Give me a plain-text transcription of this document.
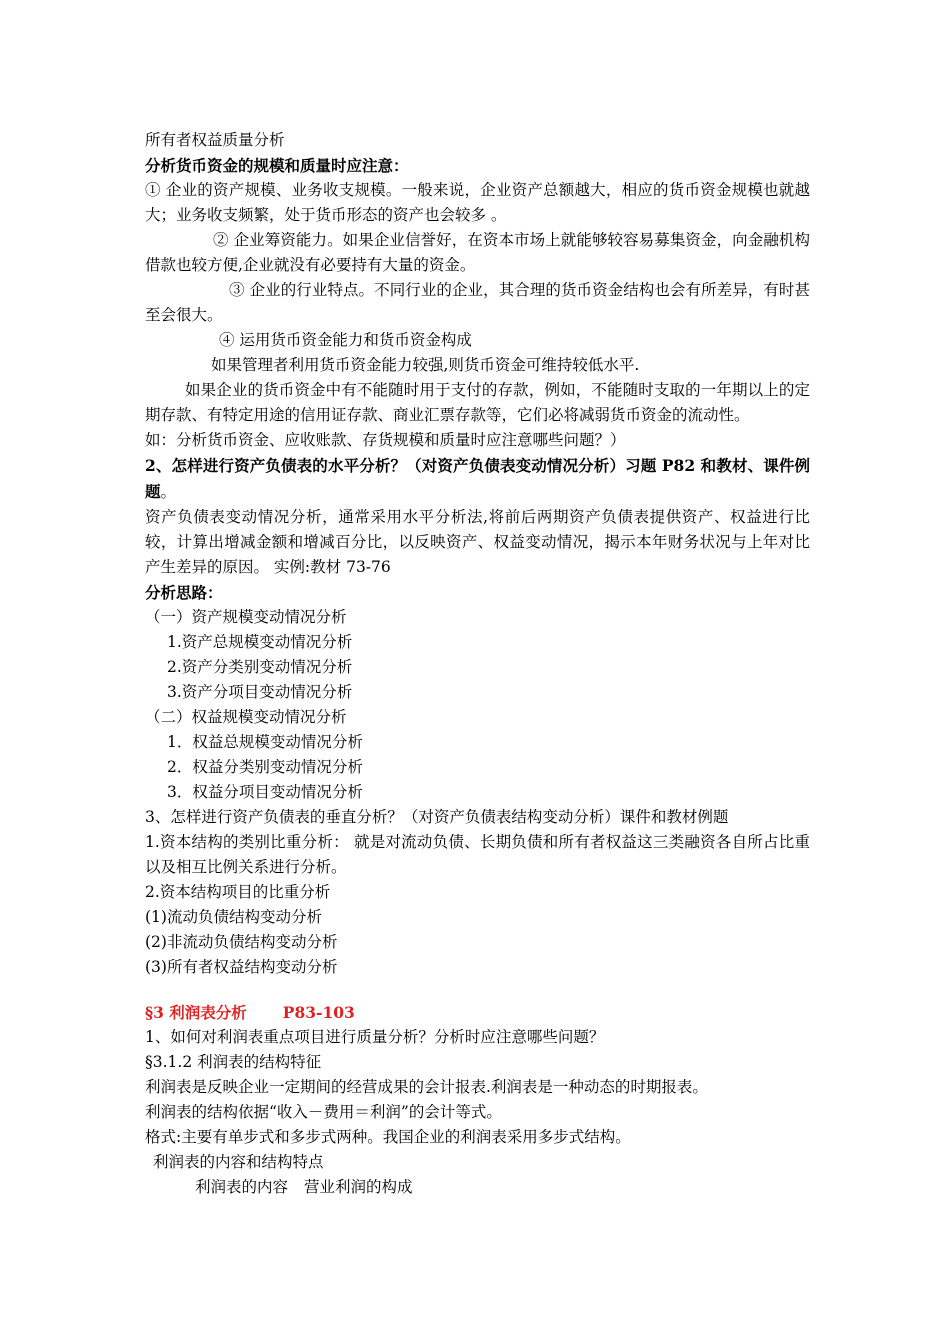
所有者权益质量分析
分析货币资金的规模和质量时应注意：
① 企业的资产规模、业务收支规模。一般来说，企业资产总额越大，相应的货币资金规模也就越大；业务收支频繁，处于货币形态的资产也会较多 。
② 企业筹资能力。如果企业信誉好，在资本市场上就能够较容易募集资金，向金融机构借款也较方便,企业就没有必要持有大量的资金。
③ 企业的行业特点。不同行业的企业，其合理的货币资金结构也会有所差异，有时甚至会很大。
④ 运用货币资金能力和货币资金构成
如果管理者利用货币资金能力较强,则货币资金可维持较低水平.
如果企业的货币资金中有不能随时用于支付的存款，例如，不能随时支取的一年期以上的定期存款、有特定用途的信用证存款、商业汇票存款等，它们必将减弱货币资金的流动性。
如：分析货币资金、应收账款、存货规模和质量时应注意哪些问题？）
2、怎样进行资产负债表的水平分析？（对资产负债表变动情况分析）习题 P82 和教材、课件例题。
资产负债表变动情况分析，通常采用水平分析法,将前后两期资产负债表提供资产、权益进行比较，计算出增减金额和增减百分比，以反映资产、权益变动情况，揭示本年财务状况与上年对比产生差异的原因。 实例:教材 73-76
分析思路：
（一）资产规模变动情况分析
1.资产总规模变动情况分析
2.资产分类别变动情况分析
3.资产分项目变动情况分析
（二）权益规模变动情况分析
1．权益总规模变动情况分析
2．权益分类别变动情况分析
3．权益分项目变动情况分析
3、怎样进行资产负债表的垂直分析？（对资产负债表结构变动分析）课件和教材例题
1.资本结构的类别比重分析： 就是对流动负债、长期负债和所有者权益这三类融资各自所占比重以及相互比例关系进行分析。
2.资本结构项目的比重分析
(1)流动负债结构变动分析
(2)非流动负债结构变动分析
(3)所有者权益结构变动分析
§3 利润表分析 P83-103
1、如何对利润表重点项目进行质量分析？分析时应注意哪些问题？
§3.1.2 利润表的结构特征
利润表是反映企业一定期间的经营成果的会计报表.利润表是一种动态的时期报表。
利润表的结构依据“收入－费用＝利润”的会计等式。
格式:主要有单步式和多步式两种。我国企业的利润表采用多步式结构。
利润表的内容和结构特点
利润表的内容 营业利润的构成
